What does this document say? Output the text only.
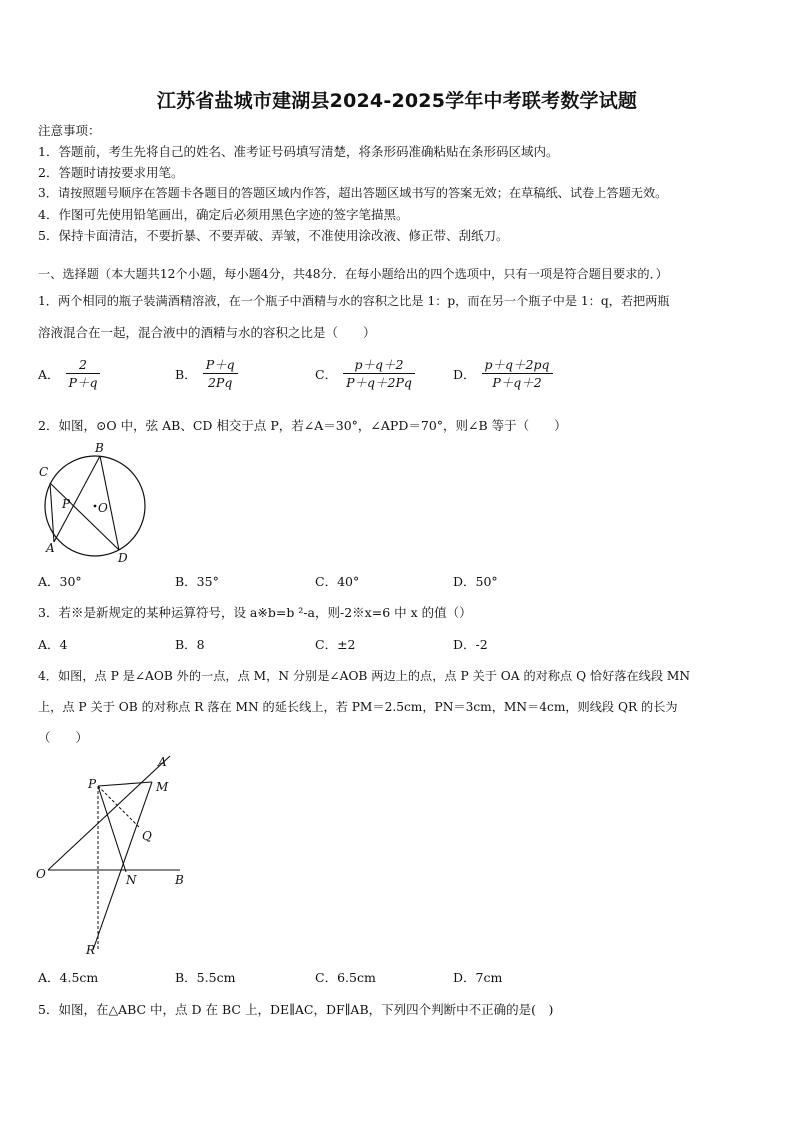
江苏省盐城市建湖县2024-2025学年中考联考数学试题
注意事项：
1．答题前，考生先将自己的姓名、准考证号码填写清楚，将条形码准确粘贴在条形码区域内。
2．答题时请按要求用笔。
3．请按照题号顺序在答题卡各题目的答题区域内作答，超出答题区域书写的答案无效；在草稿纸、试卷上答题无效。
4．作图可先使用铅笔画出，确定后必须用黑色字迹的签字笔描黑。
5．保持卡面清洁，不要折暴、不要弄破、弄皱，不准使用涂改液、修正带、刮纸刀。
一、选择题（本大题共12个小题，每小题4分，共48分．在每小题给出的四个选项中，只有一项是符合题目要求的．）
1．两个相同的瓶子装满酒精溶液，在一个瓶子中酒精与水的容积之比是 1：p，而在另一个瓶子中是 1：q，若把两瓶
溶液混合在一起，混合液中的酒精与水的容积之比是（　　）
A． $\frac{2}{P+q}$	B． $\frac{P+q}{2Pq}$	C． $\frac{p+q+2}{P+q+2Pq}$	D． $\frac{p+q+2pq}{P+q+2}$
2．如图，⊙O 中，弦 AB、CD 相交于点 P，若∠A＝30°，∠APD＝70°，则∠B 等于（　　）
B
C
P O
A
D
A．30°	B．35°	C．40°	D．50°
3．若※是新规定的某种运算符号，设 a※b=b ²-a，则-2※x=6 中 x 的值（）
A．4	B．8	C．±2	D．-2
4．如图，点 P 是∠AOB 外的一点，点 M，N 分别是∠AOB 两边上的点，点 P 关于 OA 的对称点 Q 恰好落在线段 MN
上，点 P 关于 OB 的对称点 R 落在 MN 的延长线上，若 PM＝2.5cm，PN＝3cm，MN＝4cm，则线段 QR 的长为
（　　）
A
P	M
Q
O	N	B
R
A．4.5cm	B．5.5cm	C．6.5cm	D．7cm
5．如图，在△ABC 中，点 D 在 BC 上，DE∥AC，DF∥AB，下列四个判断中不正确的是(　)
